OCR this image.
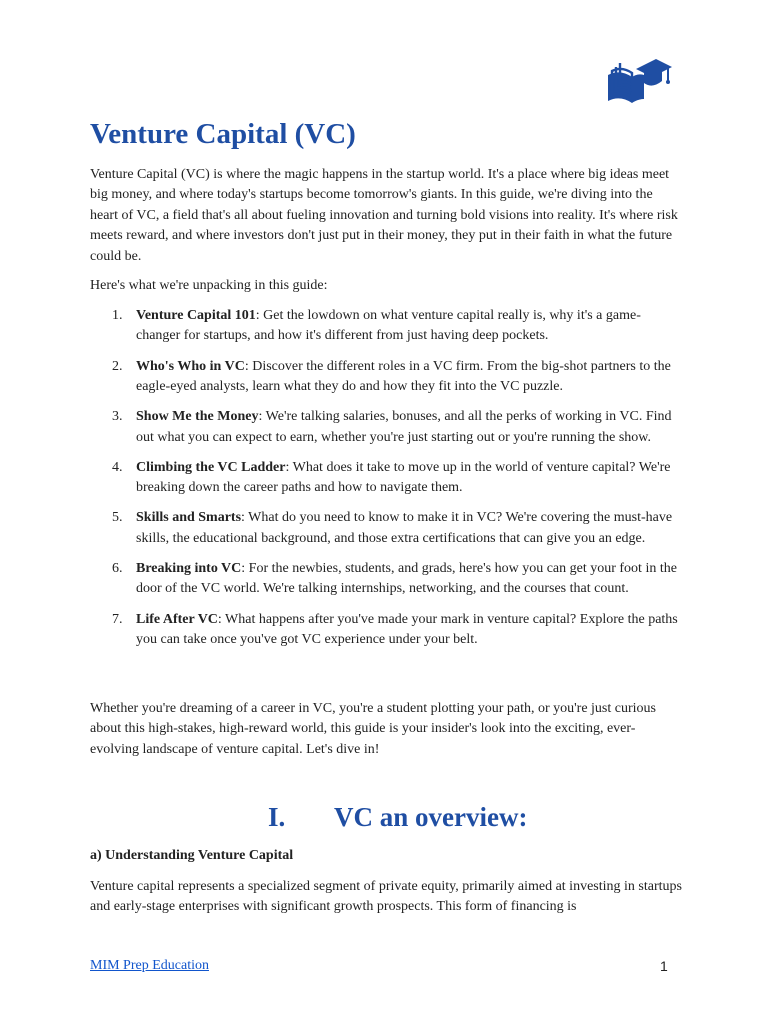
Venture Capital (VC)

Venture Capital (VC) is where the magic happens in the startup world. It's a place where big ideas meet big money, and where today's startups become tomorrow's giants. In this guide, we're diving into the heart of VC, a field that's all about fueling innovation and turning bold visions into reality. It's where risk meets reward, and where investors don't just put in their money, they put in their faith in what the future could be.

Here's what we're unpacking in this guide:

1. Venture Capital 101: Get the lowdown on what venture capital really is, why it's a game-changer for startups, and how it's different from just having deep pockets.
2. Who's Who in VC: Discover the different roles in a VC firm. From the big-shot partners to the eagle-eyed analysts, learn what they do and how they fit into the VC puzzle.
3. Show Me the Money: We're talking salaries, bonuses, and all the perks of working in VC. Find out what you can expect to earn, whether you're just starting out or you're running the show.
4. Climbing the VC Ladder: What does it take to move up in the world of venture capital? We're breaking down the career paths and how to navigate them.
5. Skills and Smarts: What do you need to know to make it in VC? We're covering the must-have skills, the educational background, and those extra certifications that can give you an edge.
6. Breaking into VC: For the newbies, students, and grads, here's how you can get your foot in the door of the VC world. We're talking internships, networking, and the courses that count.
7. Life After VC: What happens after you've made your mark in venture capital? Explore the paths you can take once you've got VC experience under your belt.

Whether you're dreaming of a career in VC, you're a student plotting your path, or you're just curious about this high-stakes, high-reward world, this guide is your insider's look into the exciting, ever-evolving landscape of venture capital. Let's dive in!

I. VC an overview:
a) Understanding Venture Capital

Venture capital represents a specialized segment of private equity, primarily aimed at investing in startups and early-stage enterprises with significant growth prospects. This form of financing is

MIM Prep Education	1
